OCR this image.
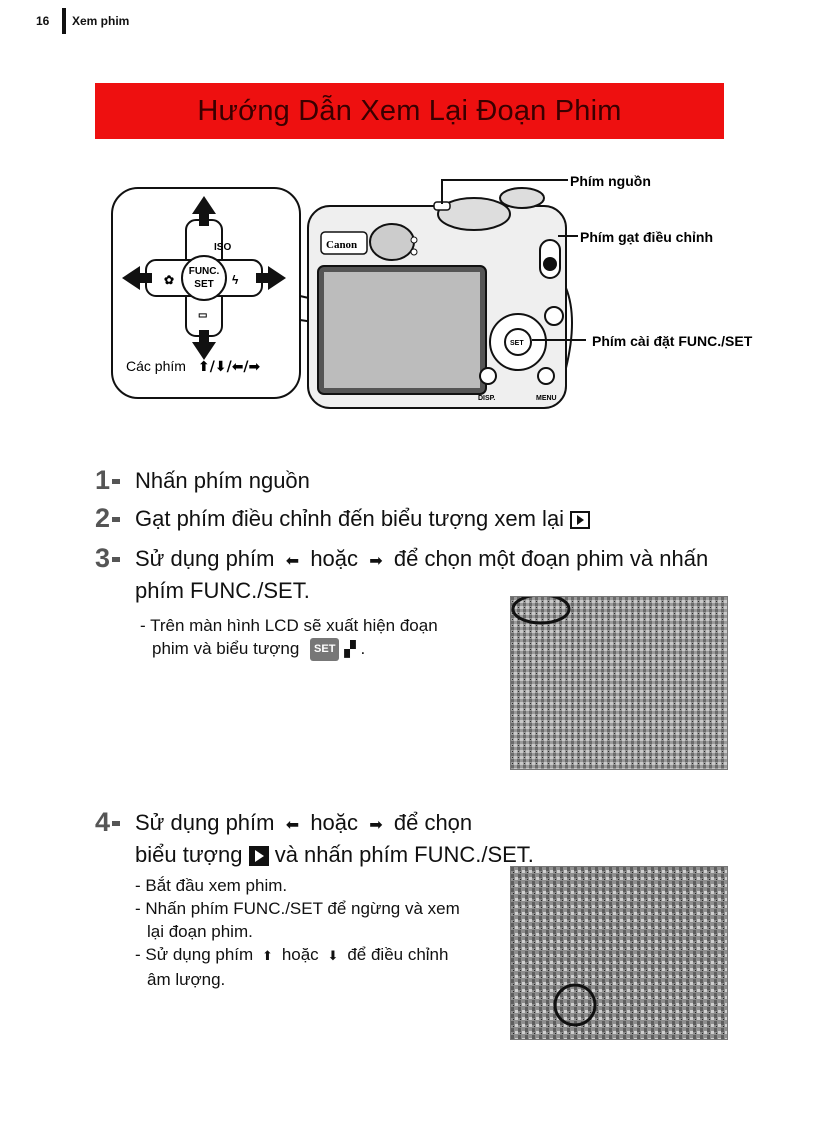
16 Xem phim
Hướng Dẫn Xem Lại Đoạn Phim
FUNC.
SET
ISO
✿	ϟ
▭
Các phím ⬆/⬇/⬅/➡
Canon
SET
DISP.	MENU
Phím nguồn
Phím gạt điều chỉnh
Phím cài đặt FUNC./SET
1	Nhấn phím nguồn
2	Gạt phím điều chỉnh đến biểu tượng xem lại
3	Sử dụng phím  ⬅  hoặc  ➡  để chọn một đoạn phim và nhấn
phím FUNC./SET.
- Trên màn hình LCD sẽ xuất hiện đoạn
phim và biểu tượng SET ▞ .
4	Sử dụng phím  ⬅  hoặc  ➡  để chọn
biểu tượng và nhấn phím FUNC./SET.
- Bắt đầu xem phim.
- Nhấn phím FUNC./SET để ngừng và xem
lại đoạn phim.
- Sử dụng phím  ⬆  hoặc  ⬇  để điều chỉnh
âm lượng.
